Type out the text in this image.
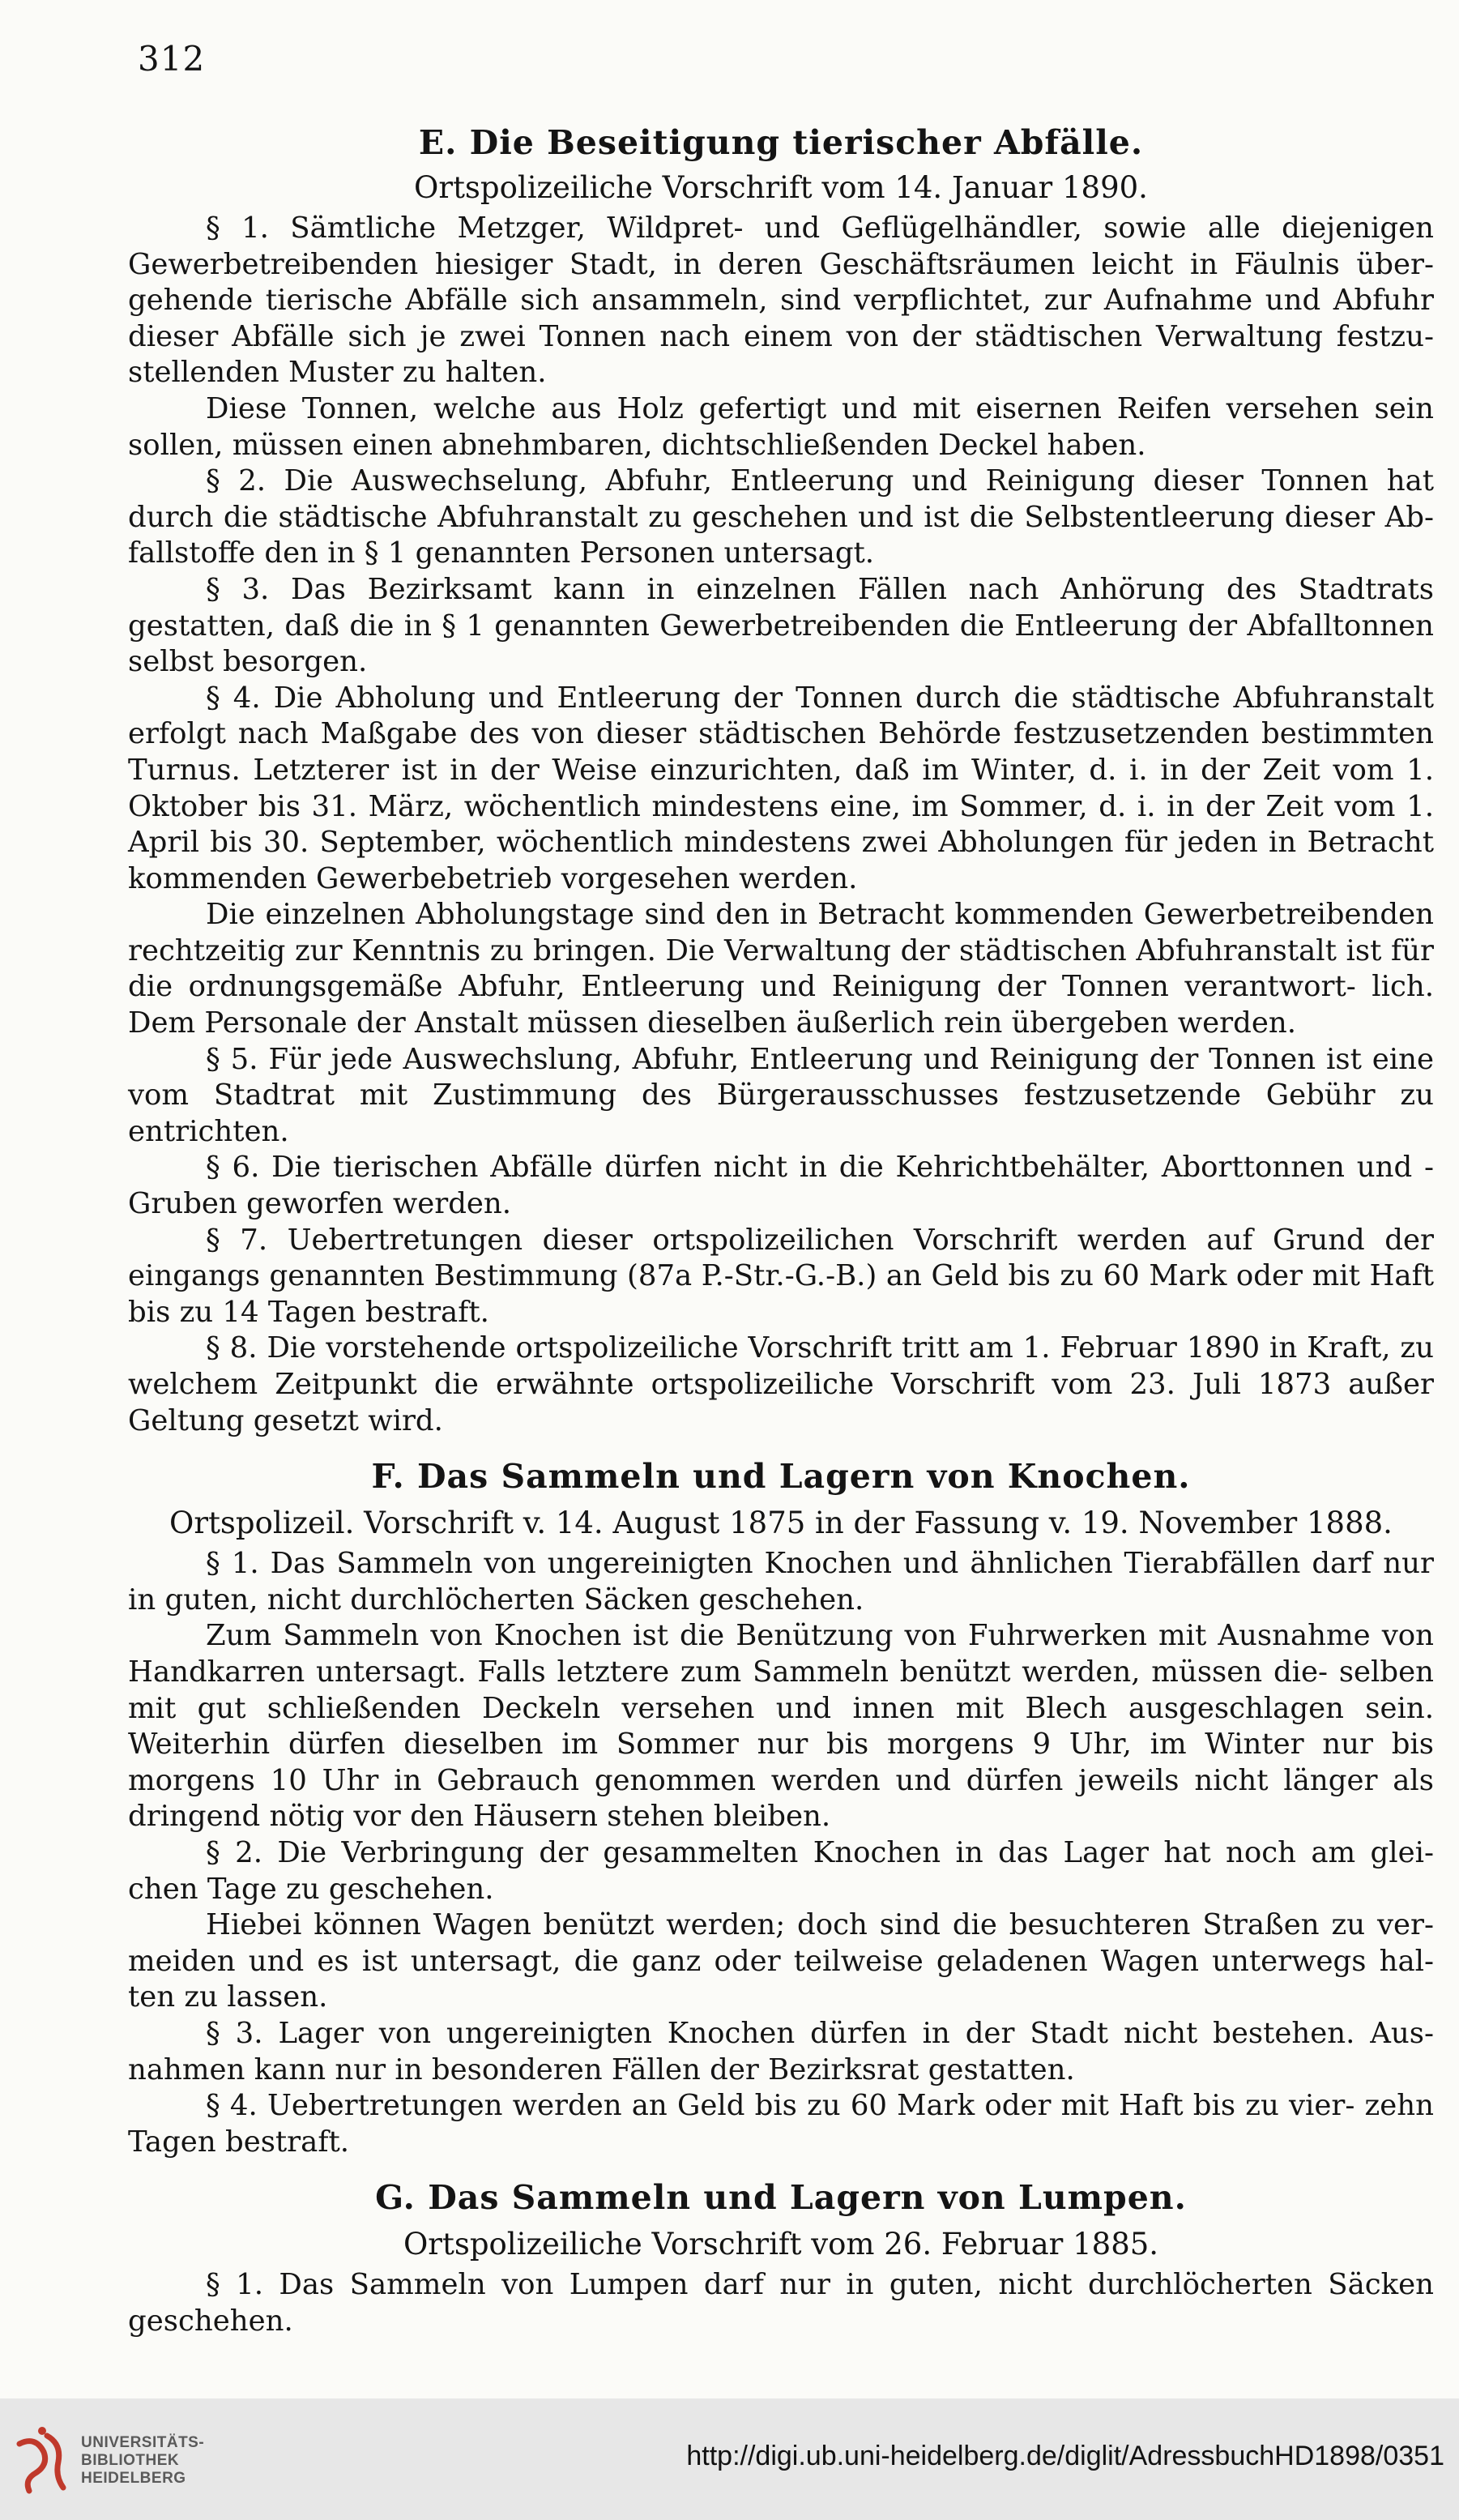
312
E. Die Beseitigung tierischer Abfälle.

Ortspolizeiliche Vorschrift vom 14. Januar 1890.

§ 1. Sämtliche Metzger, Wildpret- und Geflügelhändler, sowie alle diejenigen Gewerbetreibenden hiesiger Stadt, in deren Geschäftsräumen leicht in Fäulnis über- gehende tierische Abfälle sich ansammeln, sind verpflichtet, zur Aufnahme und Abfuhr dieser Abfälle sich je zwei Tonnen nach einem von der städtischen Verwaltung festzu- stellenden Muster zu halten.

Diese Tonnen, welche aus Holz gefertigt und mit eisernen Reifen versehen sein sollen, müssen einen abnehmbaren, dichtschließenden Deckel haben.

§ 2. Die Auswechselung, Abfuhr, Entleerung und Reinigung dieser Tonnen hat durch die städtische Abfuhranstalt zu geschehen und ist die Selbstentleerung dieser Ab- fallstoffe den in § 1 genannten Personen untersagt.

§ 3. Das Bezirksamt kann in einzelnen Fällen nach Anhörung des Stadtrats gestatten, daß die in § 1 genannten Gewerbetreibenden die Entleerung der Abfalltonnen selbst besorgen.

§ 4. Die Abholung und Entleerung der Tonnen durch die städtische Abfuhranstalt erfolgt nach Maßgabe des von dieser städtischen Behörde festzusetzenden bestimmten Turnus. Letzterer ist in der Weise einzurichten, daß im Winter, d. i. in der Zeit vom 1. Oktober bis 31. März, wöchentlich mindestens eine, im Sommer, d. i. in der Zeit vom 1. April bis 30. September, wöchentlich mindestens zwei Abholungen für jeden in Betracht kommenden Gewerbebetrieb vorgesehen werden.

Die einzelnen Abholungstage sind den in Betracht kommenden Gewerbetreibenden rechtzeitig zur Kenntnis zu bringen. Die Verwaltung der städtischen Abfuhranstalt ist für die ordnungsgemäße Abfuhr, Entleerung und Reinigung der Tonnen verantwort- lich. Dem Personale der Anstalt müssen dieselben äußerlich rein übergeben werden.

§ 5. Für jede Auswechslung, Abfuhr, Entleerung und Reinigung der Tonnen ist eine vom Stadtrat mit Zustimmung des Bürgerausschusses festzusetzende Gebühr zu entrichten.

§ 6. Die tierischen Abfälle dürfen nicht in die Kehrichtbehälter, Aborttonnen und -Gruben geworfen werden.

§ 7. Uebertretungen dieser ortspolizeilichen Vorschrift werden auf Grund der eingangs genannten Bestimmung (87a P.-Str.-G.-B.) an Geld bis zu 60 Mark oder mit Haft bis zu 14 Tagen bestraft.

§ 8. Die vorstehende ortspolizeiliche Vorschrift tritt am 1. Februar 1890 in Kraft, zu welchem Zeitpunkt die erwähnte ortspolizeiliche Vorschrift vom 23. Juli 1873 außer Geltung gesetzt wird.

F. Das Sammeln und Lagern von Knochen.

Ortspolizeil. Vorschrift v. 14. August 1875 in der Fassung v. 19. November 1888.

§ 1. Das Sammeln von ungereinigten Knochen und ähnlichen Tierabfällen darf nur in guten, nicht durchlöcherten Säcken geschehen.

Zum Sammeln von Knochen ist die Benützung von Fuhrwerken mit Ausnahme von Handkarren untersagt. Falls letztere zum Sammeln benützt werden, müssen die- selben mit gut schließenden Deckeln versehen und innen mit Blech ausgeschlagen sein. Weiterhin dürfen dieselben im Sommer nur bis morgens 9 Uhr, im Winter nur bis morgens 10 Uhr in Gebrauch genommen werden und dürfen jeweils nicht länger als dringend nötig vor den Häusern stehen bleiben.

§ 2. Die Verbringung der gesammelten Knochen in das Lager hat noch am glei- chen Tage zu geschehen.

Hiebei können Wagen benützt werden; doch sind die besuchteren Straßen zu ver- meiden und es ist untersagt, die ganz oder teilweise geladenen Wagen unterwegs hal- ten zu lassen.

§ 3. Lager von ungereinigten Knochen dürfen in der Stadt nicht bestehen. Aus- nahmen kann nur in besonderen Fällen der Bezirksrat gestatten.

§ 4. Uebertretungen werden an Geld bis zu 60 Mark oder mit Haft bis zu vier- zehn Tagen bestraft.

G. Das Sammeln und Lagern von Lumpen.

Ortspolizeiliche Vorschrift vom 26. Februar 1885.

§ 1. Das Sammeln von Lumpen darf nur in guten, nicht durchlöcherten Säcken geschehen.

UNIVERSITÄTS-
BIBLIOTHEK
HEIDELBERG
http://digi.ub.uni-heidelberg.de/diglit/AdressbuchHD1898/0351
